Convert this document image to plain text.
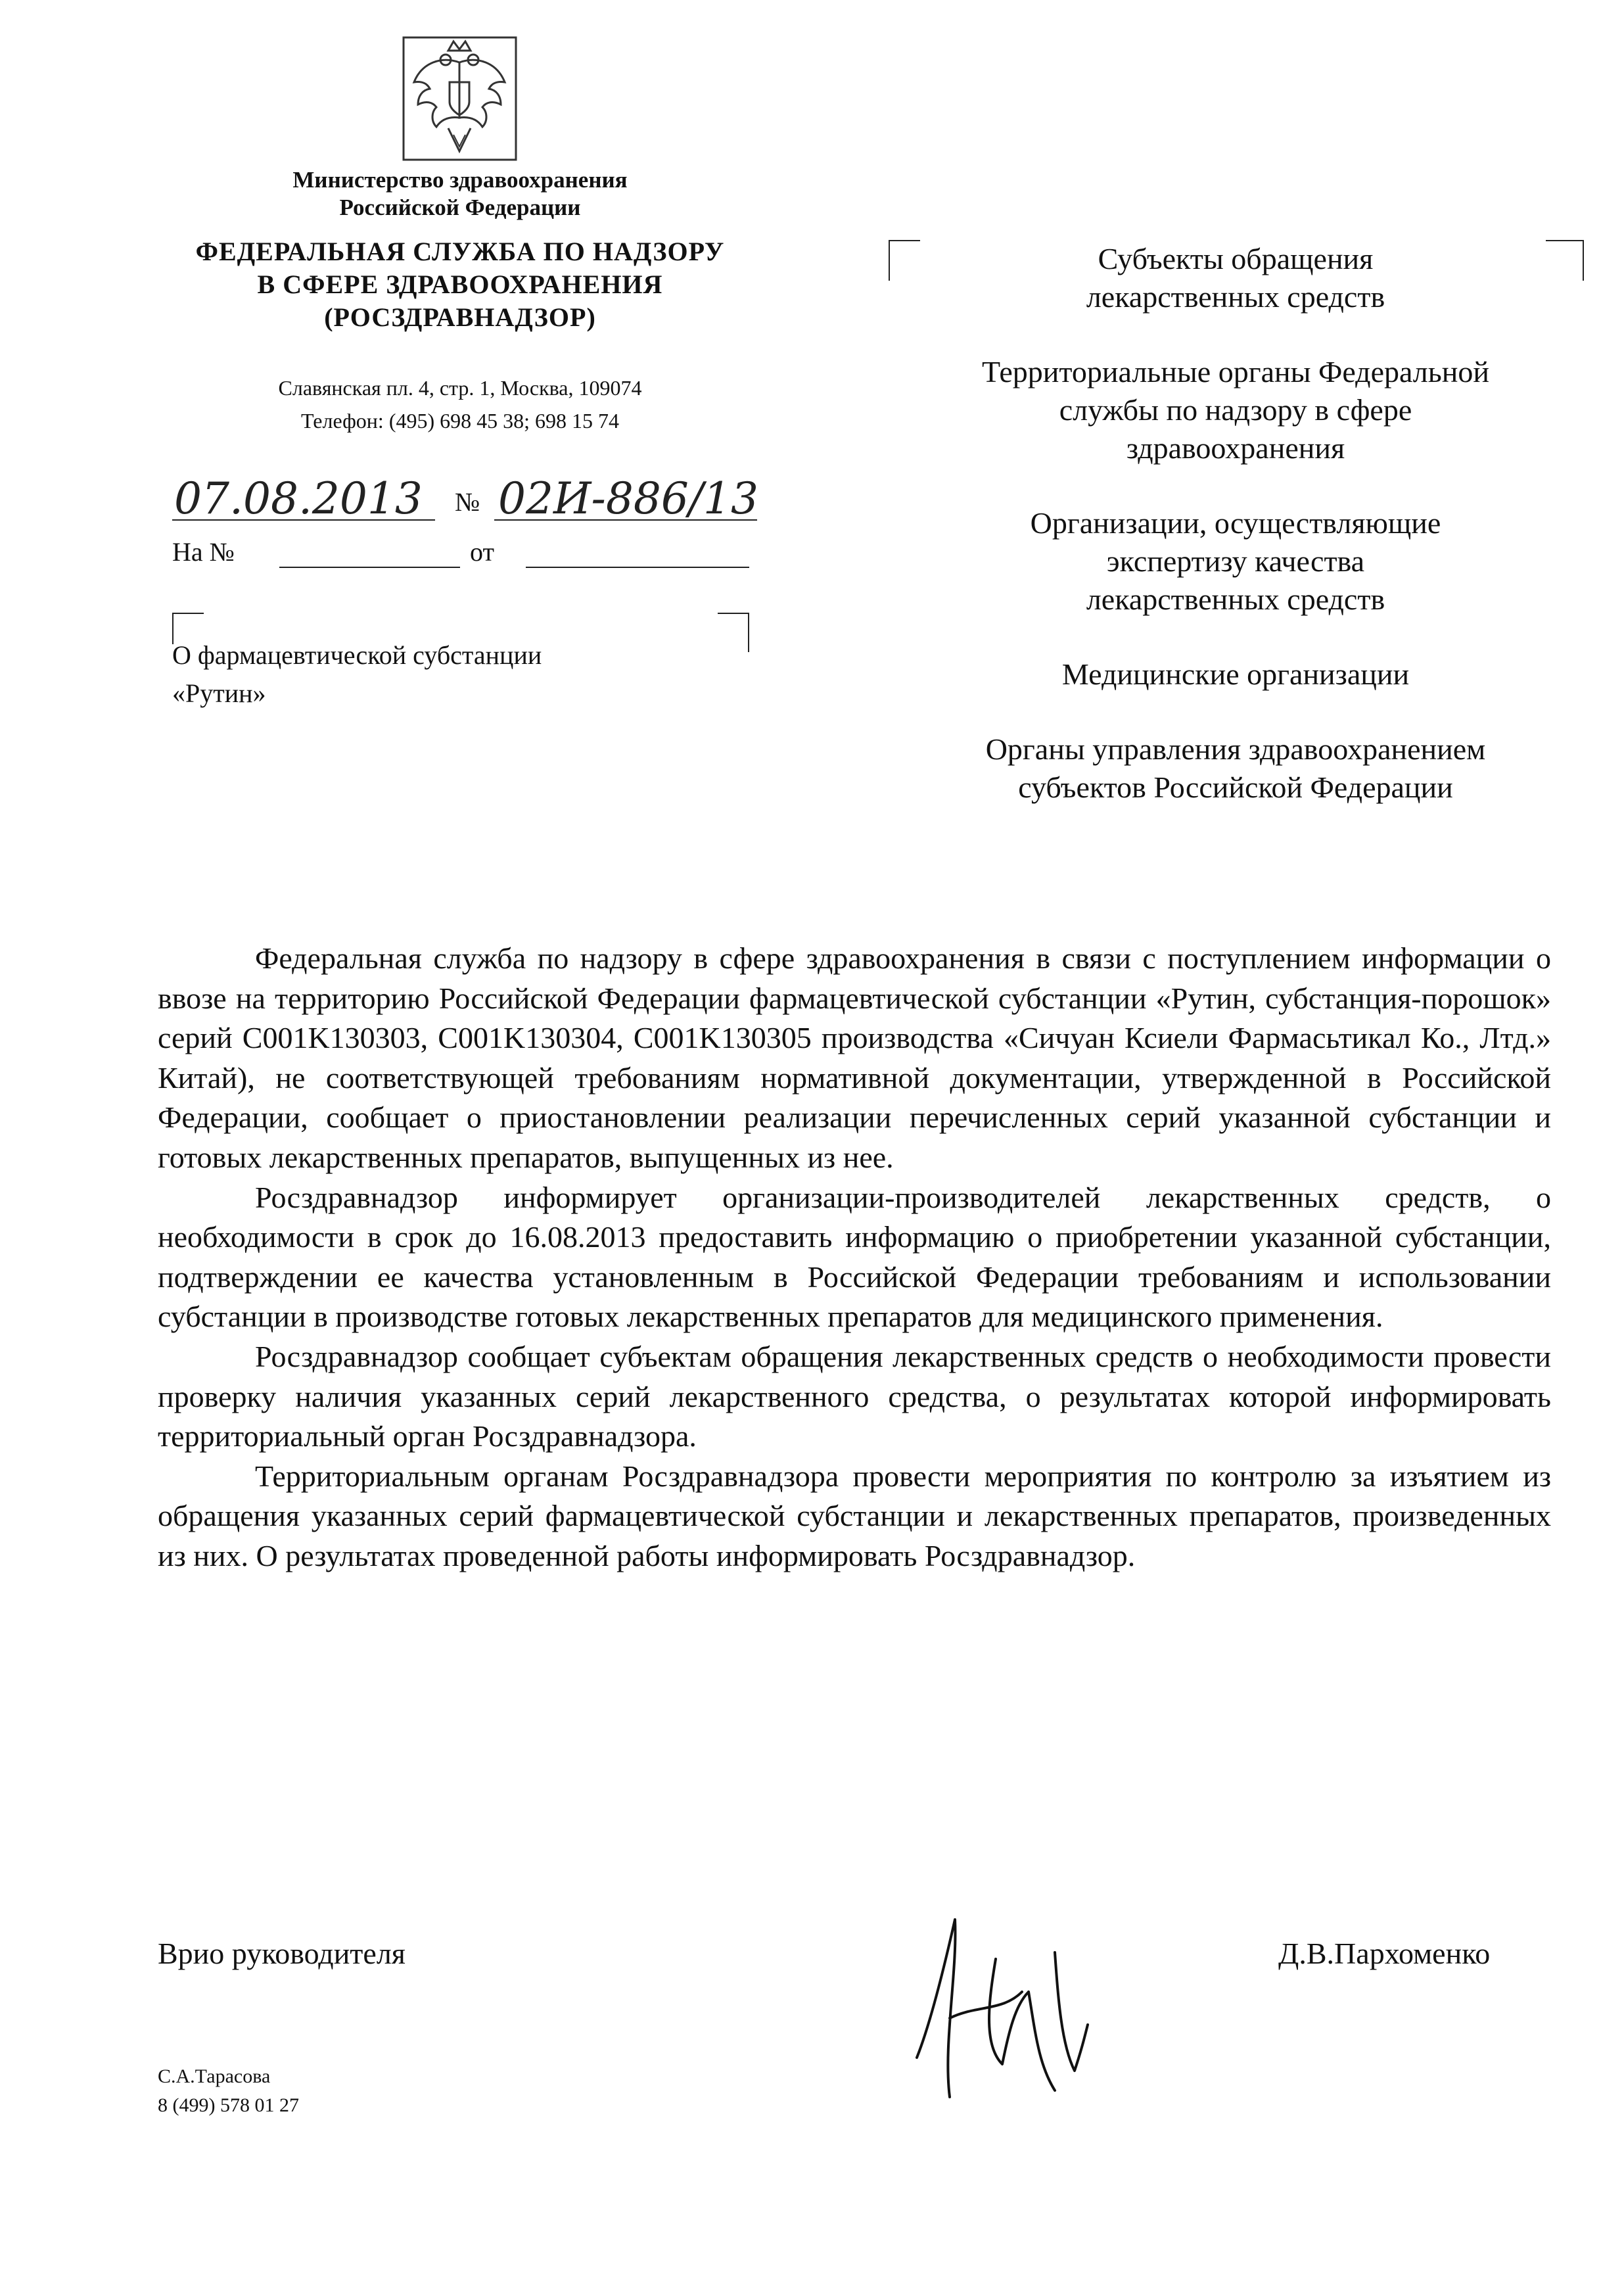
Министерство здравоохранения
Российской Федерации
ФЕДЕРАЛЬНАЯ СЛУЖБА ПО НАДЗОРУ
В СФЕРЕ ЗДРАВООХРАНЕНИЯ
(РОСЗДРАВНАДЗОР)
Славянская пл. 4, стр. 1, Москва, 109074
Телефон: (495) 698 45 38; 698 15 74
07.08.2013 № 02И-886/13
На №	от
О фармацевтической субстанции
«Рутин»

Субъекты обращения
лекарственных средств

Территориальные органы Федеральной
службы по надзору в сфере
здравоохранения

Организации, осуществляющие
экспертизу качества
лекарственных средств

Медицинские организации

Органы управления здравоохранением
субъектов Российской Федерации

Федеральная служба по надзору в сфере здравоохранения в связи с поступлением информации о ввозе на территорию Российской Федерации фармацевтической субстанции «Рутин, субстанция-порошок» серий C001K130303, C001K130304, C001K130305 производства «Сичуан Ксиели Фармасьтикал Ко., Лтд.» Китай), не соответствующей требованиям нормативной документации, утвержденной в Российской Федерации, сообщает о приостановлении реализации перечисленных серий указанной субстанции и готовых лекарственных препаратов, выпущенных из нее.

Росздравнадзор информирует организации-производителей лекарственных средств, о необходимости в срок до 16.08.2013 предоставить информацию о приобретении указанной субстанции, подтверждении ее качества установленным в Российской Федерации требованиям и использовании субстанции в производстве готовых лекарственных препаратов для медицинского применения.

Росздравнадзор сообщает субъектам обращения лекарственных средств о необходимости провести проверку наличия указанных серий лекарственного средства, о результатах которой информировать территориальный орган Росздравнадзора.

Территориальным органам Росздравнадзора провести мероприятия по контролю за изъятием из обращения указанных серий фармацевтической субстанции и лекарственных препаратов, произведенных из них. О результатах проведенной работы информировать Росздравнадзор.

Врио руководителя	Д.В.Пархоменко
С.А.Тарасова
8 (499) 578 01 27
